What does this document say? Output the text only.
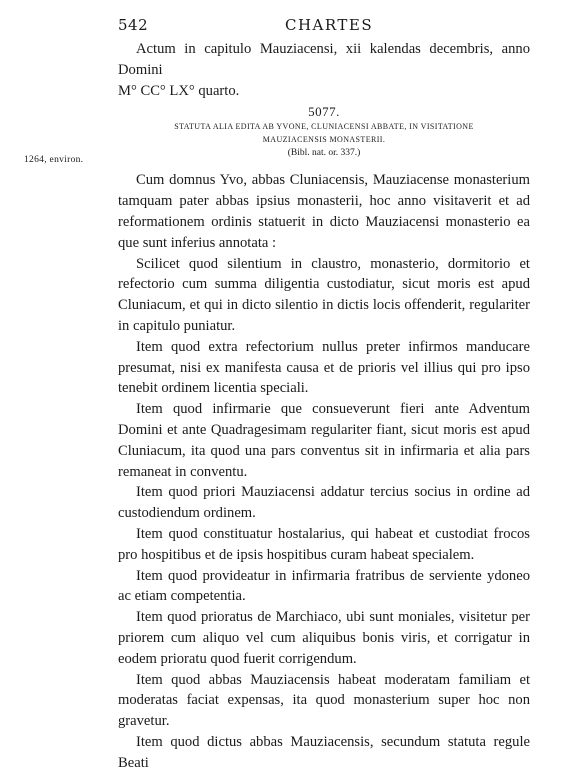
542	CHARTES
1264, environ.

Actum in capitulo Mauziacensi, xii kalendas decembris, anno Domini

M° CC° LX° quarto.

5077.
STATUTA ALIA EDITA AB YVONE, CLUNIACENSI ABBATE, IN VISITATIONE
MAUZIACENSIS MONASTERII.
(Bibl. nat. or. 337.)

Cum domnus Yvo, abbas Cluniacensis, Mauziacense monasterium tamquam pater abbas ipsius monasterii, hoc anno visitaverit et ad reformationem ordinis statuerit in dicto Mauziacensi monasterio ea que sunt inferius annotata :

Scilicet quod silentium in claustro, monasterio, dormitorio et refectorio cum summa diligentia custodiatur, sicut moris est apud Cluniacum, et qui in dicto silentio in dictis locis offenderit, regulariter in capitulo puniatur.

Item quod extra refectorium nullus preter infirmos manducare presumat, nisi ex manifesta causa et de prioris vel illius qui pro ipso tenebit ordinem licentia speciali.

Item quod infirmarie que consueverunt fieri ante Adventum Domini et ante Quadragesimam regulariter fiant, sicut moris est apud Cluniacum, ita quod una pars conventus sit in infirmaria et alia pars remaneat in conventu.

Item quod priori Mauziacensi addatur tercius socius in ordine ad custodiendum ordinem.

Item quod constituatur hostalarius, qui habeat et custodiat frocos pro hospitibus et de ipsis hospitibus curam habeat specialem.

Item quod provideatur in infirmaria fratribus de serviente ydoneo ac etiam competentia.

Item quod prioratus de Marchiaco, ubi sunt moniales, visitetur per priorem cum aliquo vel cum aliquibus bonis viris, et corrigatur in eodem prioratu quod fuerit corrigendum.

Item quod abbas Mauziacensis habeat moderatam familiam et moderatas faciat expensas, ita quod monasterium super hoc non gravetur.

Item quod dictus abbas Mauziacensis, secundum statuta regule Beati
